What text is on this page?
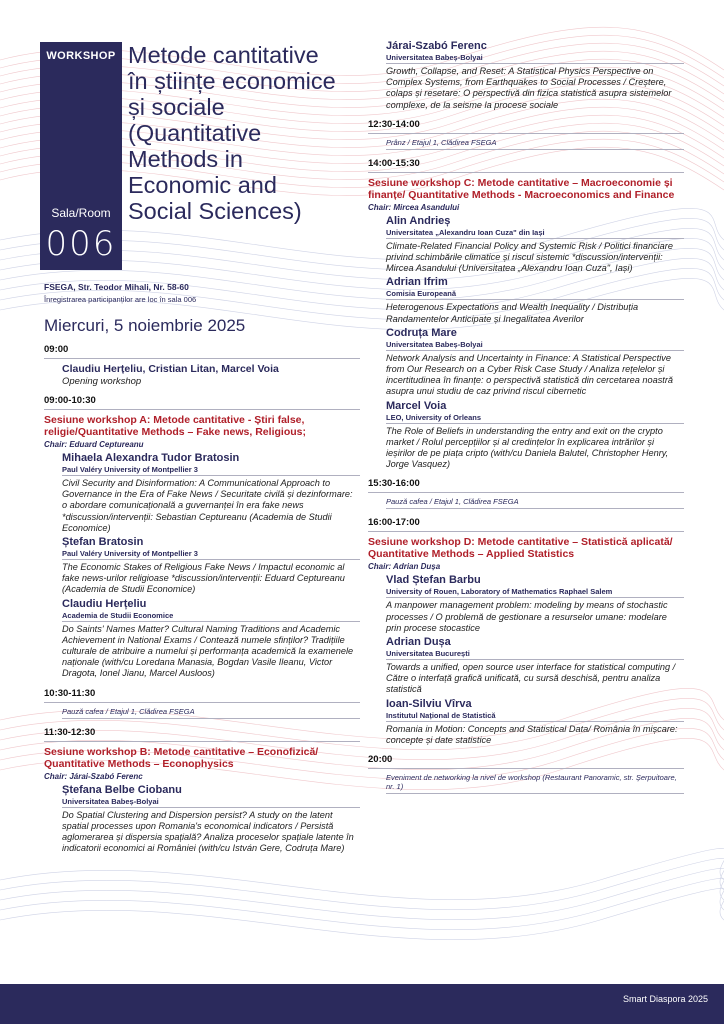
WORKSHOP
Sala/Room
006
Metode cantitative în științe economice și sociale (Quantitative Methods in Economic and Social Sciences)
FSEGA, Str. Teodor Mihali, Nr. 58-60
Înregistrarea participanților are loc în sala 006
Miercuri, 5 noiembrie 2025
09:00
Claudiu Herțeliu, Cristian Litan, Marcel Voia
Opening workshop
09:00-10:30
Sesiune workshop A: Metode cantitative - Știri false, religie/Quantitative Methods – Fake news, Religious;
Chair: Eduard Ceptureanu
Mihaela Alexandra Tudor Bratosin
Paul Valéry University of Montpellier 3
Civil Security and Disinformation: A Communicational Approach to Governance in the Era of Fake News / Securitate civilă și dezinformare: o abordare comunicațională a guvernanței în era fake news *discussion/intervenții: Sebastian Ceptureanu (Academia de Studii Economice)
Ștefan Bratosin
Paul Valéry University of Montpellier 3
The Economic Stakes of Religious Fake News / Impactul economic al fake news-urilor religioase *discussion/intervenții: Eduard Ceptureanu (Academia de Studii Economice)
Claudiu Herțeliu
Academia de Studii Economice
Do Saints' Names Matter? Cultural Naming Traditions and Academic Achievement in National Exams / Contează numele sfinților? Tradițiile culturale de atribuire a numelui și performanța academică la examenele naționale (with/cu Loredana Manasia, Bogdan Vasile Ileanu, Victor Dragota, Ionel Jianu, Marcel Ausloos)
10:30-11:30
Pauză cafea / Etajul 1, Clădirea FSEGA
11:30-12:30
Sesiune workshop B: Metode cantitative – Econofizică/ Quantitative Methods – Econophysics
Chair: Járai-Szabó Ferenc
Ștefana Belbe Ciobanu
Universitatea Babeș-Bolyai
Do Spatial Clustering and Dispersion persist? A study on the latent spatial processes upon Romania's economical indicators / Persistă aglomerarea și dispersia spațială? Analiza proceselor spațiale latente în indicatorii economici ai României (with/cu István Gere, Codruța Mare)
Járai-Szabó Ferenc
Universitatea Babeș-Bolyai
Growth, Collapse, and Reset: A Statistical Physics Perspective on Complex Systems, from Earthquakes to Social Processes / Creștere, colaps și resetare: O perspectivă din fizica statistică asupra sistemelor complexe, de la seisme la procese sociale
12:30-14:00
Prânz / Etajul 1, Clădirea FSEGA
14:00-15:30
Sesiune workshop C: Metode cantitative – Macroeconomie și finanțe/ Quantitative Methods - Macroeconomics and Finance
Chair: Mircea Asandului
Alin Andrieș
Universitatea „Alexandru Ioan Cuza" din Iași
Climate-Related Financial Policy and Systemic Risk / Politici financiare privind schimbările climatice și riscul sistemic *discussion/intervenții: Mircea Asandului (Universitatea „Alexandru Ioan Cuza", Iași)
Adrian Ifrim
Comisia Europeană
Heterogenous Expectations and Wealth Inequality / Distribuția Randamentelor Anticipate și Inegalitatea Averilor
Codruța Mare
Universitatea Babeș-Bolyai
Network Analysis and Uncertainty in Finance: A Statistical Perspective from Our Research on a Cyber Risk Case Study / Analiza rețelelor și incertitudinea în finanțe: o perspectivă statistică din cercetarea noastră asupra unui studiu de caz privind riscul cibernetic
Marcel Voia
LEO, University of Orleans
The Role of Beliefs in understanding the entry and exit on the crypto market / Rolul percepțiilor și al credințelor în explicarea intrărilor și ieșirilor de pe piața cripto (with/cu Daniela Balutel, Christopher Henry, Jorge Vasquez)
15:30-16:00
Pauză cafea / Etajul 1, Clădirea FSEGA
16:00-17:00
Sesiune workshop D: Metode cantitative – Statistică aplicată/ Quantitative Methods – Applied Statistics
Chair: Adrian Dușa
Vlad Ștefan Barbu
University of Rouen, Laboratory of Mathematics Raphael Salem
A manpower management problem: modeling by means of stochastic processes / O problemă de gestionare a resurselor umane: modelare prin procese stocastice
Adrian Dușa
Universitatea București
Towards a unified, open source user interface for statistical computing / Către o interfață grafică unificată, cu sursă deschisă, pentru analiza statistică
Ioan-Silviu Vîrva
Institutul Național de Statistică
Romania in Motion: Concepts and Statistical Data/ România în mișcare: concepte și date statistice
20:00
Eveniment de networking la nivel de workshop (Restaurant Panoramic, str. Șerpuitoare, nr. 1)
Smart Diaspora 2025
